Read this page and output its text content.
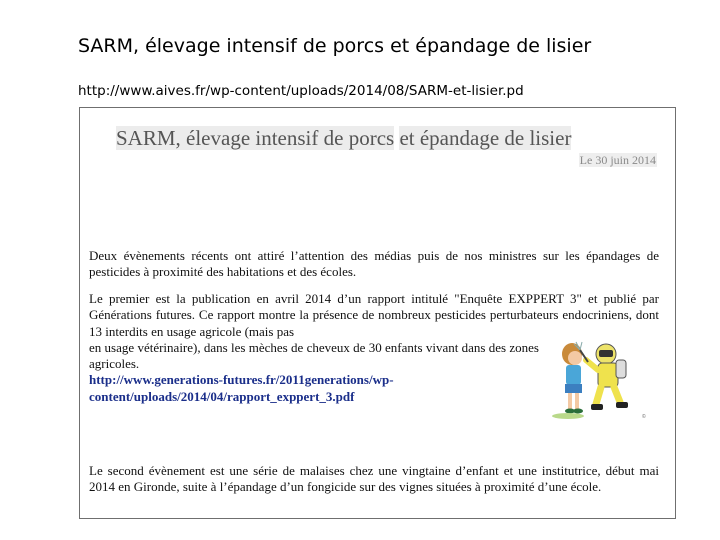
SARM, élevage intensif de porcs et épandage de lisier
http://www.aives.fr/wp-content/uploads/2014/08/SARM-et-lisier.pd
SARM, élevage intensif de porcs et épandage de lisier
Le 30 juin 2014
Deux évènements récents ont attiré l’attention des médias puis de nos ministres sur les épandages de pesticides à proximité des habitations et des écoles.
Le premier est la publication en avril 2014 d’un rapport intitulé "Enquête EXPPERT 3" et publié par Générations futures. Ce rapport montre la présence de nombreux pesticides perturbateurs endocriniens, dont 13 interdits en usage agricole (mais pas
en usage vétérinaire), dans les mèches de cheveux de 30 enfants vivant dans des zones agricoles.
http://www.generations-futures.fr/2011generations/wp-
content/uploads/2014/04/rapport_exppert_3.pdf
©
Le second évènement est une série de malaises chez une vingtaine d’enfant et une institutrice, début mai 2014 en Gironde, suite à l’épandage d’un fongicide sur des vignes situées à proximité d’une école.
